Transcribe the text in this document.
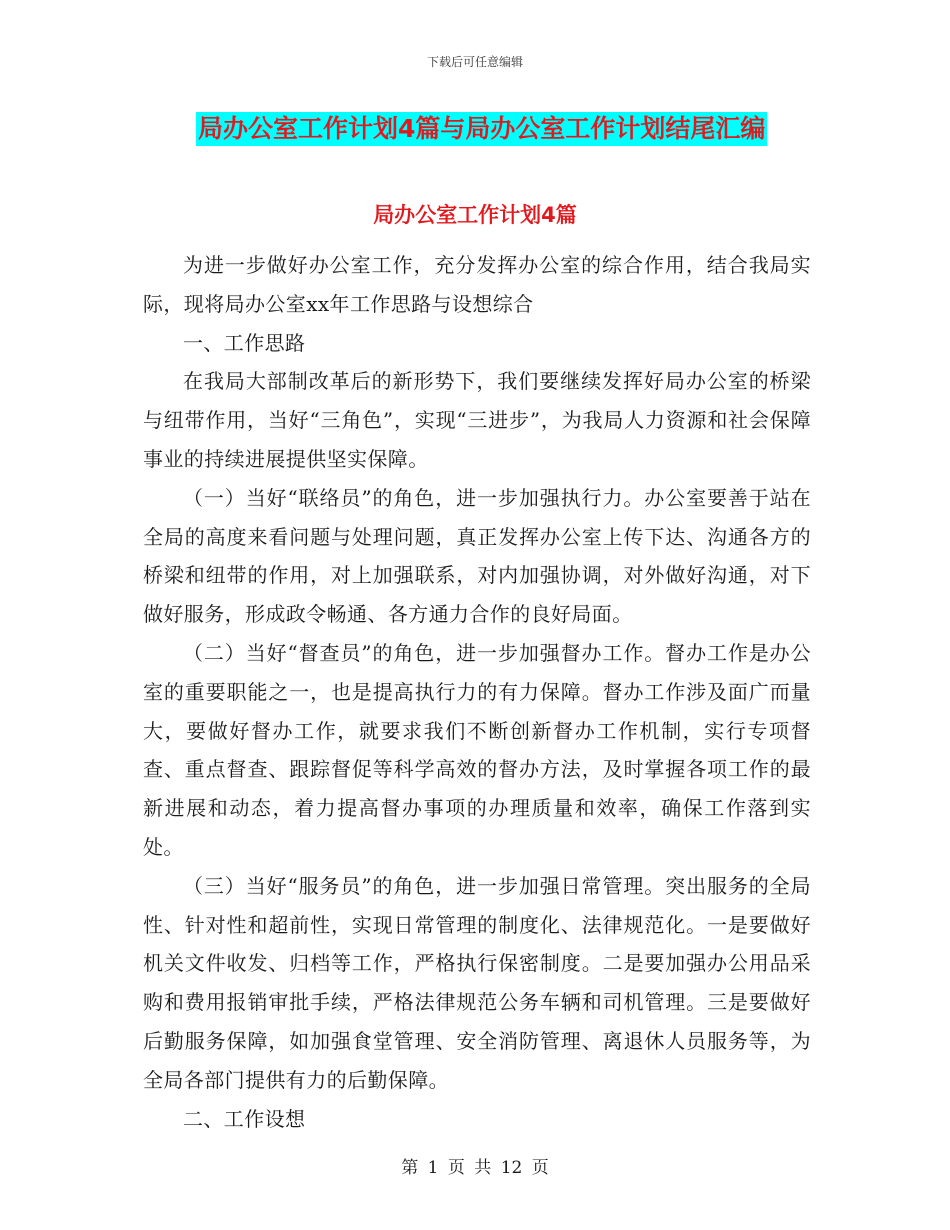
下载后可任意编辑
局办公室工作计划4篇与局办公室工作计划结尾汇编
局办公室工作计划4篇

为进一步做好办公室工作，充分发挥办公室的综合作用，结合我局实际，现将局办公室xx年工作思路与设想综合

一、工作思路

在我局大部制改革后的新形势下，我们要继续发挥好局办公室的桥梁与纽带作用，当好“三角色”，实现“三进步”，为我局人力资源和社会保障事业的持续进展提供坚实保障。

（一）当好“联络员”的角色，进一步加强执行力。办公室要善于站在全局的高度来看问题与处理问题，真正发挥办公室上传下达、沟通各方的桥梁和纽带的作用，对上加强联系，对内加强协调，对外做好沟通，对下做好服务，形成政令畅通、各方通力合作的良好局面。

（二）当好“督查员”的角色，进一步加强督办工作。督办工作是办公室的重要职能之一，也是提高执行力的有力保障。督办工作涉及面广而量大，要做好督办工作，就要求我们不断创新督办工作机制，实行专项督查、重点督查、跟踪督促等科学高效的督办方法，及时掌握各项工作的最新进展和动态，着力提高督办事项的办理质量和效率，确保工作落到实处。

（三）当好“服务员”的角色，进一步加强日常管理。突出服务的全局性、针对性和超前性，实现日常管理的制度化、法律规范化。一是要做好机关文件收发、归档等工作，严格执行保密制度。二是要加强办公用品采购和费用报销审批手续，严格法律规范公务车辆和司机管理。三是要做好后勤服务保障，如加强食堂管理、安全消防管理、离退休人员服务等，为全局各部门提供有力的后勤保障。

二、工作设想

第 1 页 共 12 页
